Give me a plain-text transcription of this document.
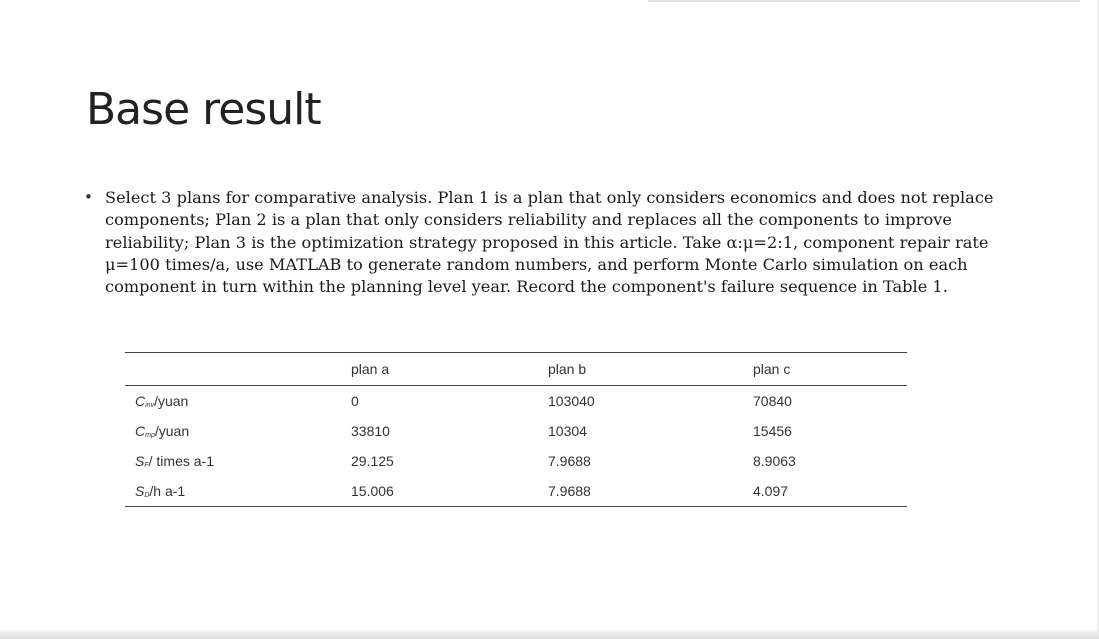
Base result
• Select 3 plans for comparative analysis. Plan 1 is a plan that only considers economics and does not replace components; Plan 2 is a plan that only considers reliability and replaces all the components to improve reliability; Plan 3 is the optimization strategy proposed in this article. Take α:μ=2:1, component repair rate μ=100 times/a, use MATLAB to generate random numbers, and perform Monte Carlo simulation on each component in turn within the planning level year. Record the component's failure sequence in Table 1.

	plan a	plan b	plan c
Cinv/yuan	0	103040	70840
Cmp/yuan	33810	10304	15456
SF/ times a-1	29.125	7.9688	8.9063
SD/h a-1	15.006	7.9688	4.097
